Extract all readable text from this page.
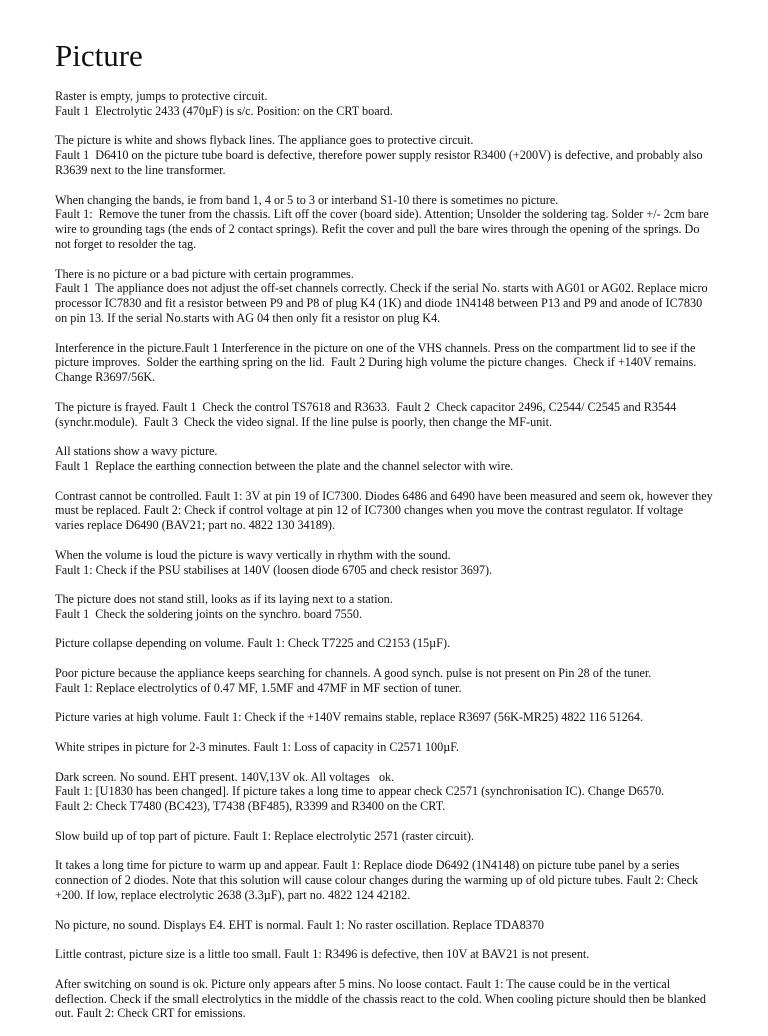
Picture
Raster is empty, jumps to protective circuit.
Fault 1  Electrolytic 2433 (470µF) is s/c. Position: on the CRT board.
The picture is white and shows flyback lines. The appliance goes to protective circuit.
Fault 1  D6410 on the picture tube board is defective, therefore power supply resistor R3400 (+200V) is defective, and probably also R3639 next to the line transformer.
When changing the bands, ie from band 1, 4 or 5 to 3 or interband S1-10 there is sometimes no picture.
Fault 1:  Remove the tuner from the chassis. Lift off the cover (board side). Attention; Unsolder the soldering tag. Solder +/- 2cm bare wire to grounding tags (the ends of 2 contact springs). Refit the cover and pull the bare wires through the opening of the springs. Do not forget to resolder the tag.
There is no picture or a bad picture with certain programmes.
Fault 1  The appliance does not adjust the off-set channels correctly. Check if the serial No. starts with AG01 or AG02. Replace micro processor IC7830 and fit a resistor between P9 and P8 of plug K4 (1K) and diode 1N4148 between P13 and P9 and anode of IC7830 on pin 13. If the serial No.starts with AG 04 then only fit a resistor on plug K4.
Interference in the picture.Fault 1 Interference in the picture on one of the VHS channels. Press on the compartment lid to see if the picture improves.  Solder the earthing spring on the lid.  Fault 2 During high volume the picture changes.  Check if +140V remains.  Change R3697/56K.
The picture is frayed. Fault 1  Check the control TS7618 and R3633.  Fault 2  Check capacitor 2496, C2544/ C2545 and R3544 (synchr.module).  Fault 3  Check the video signal. If the line pulse is poorly, then change the MF-unit.
All stations show a wavy picture.
Fault 1  Replace the earthing connection between the plate and the channel selector with wire.
Contrast cannot be controlled. Fault 1: 3V at pin 19 of IC7300. Diodes 6486 and 6490 have been measured and seem ok, however they must be replaced. Fault 2: Check if control voltage at pin 12 of IC7300 changes when you move the contrast regulator. If voltage varies replace D6490 (BAV21; part no. 4822 130 34189).
When the volume is loud the picture is wavy vertically in rhythm with the sound.
Fault 1: Check if the PSU stabilises at 140V (loosen diode 6705 and check resistor 3697).
The picture does not stand still, looks as if its laying next to a station.
Fault 1  Check the soldering joints on the synchro. board 7550.
Picture collapse depending on volume. Fault 1: Check T7225 and C2153 (15µF).
Poor picture because the appliance keeps searching for channels. A good synch. pulse is not present on Pin 28 of the tuner.
Fault 1: Replace electrolytics of 0.47 MF, 1.5MF and 47MF in MF section of tuner.
Picture varies at high volume. Fault 1: Check if the +140V remains stable, replace R3697 (56K-MR25) 4822 116 51264.
White stripes in picture for 2-3 minutes. Fault 1: Loss of capacity in C2571 100µF.
Dark screen. No sound. EHT present. 140V,13V ok. All voltages   ok.
Fault 1: [U1830 has been changed]. If picture takes a long time to appear check C2571 (synchronisation IC). Change D6570.
Fault 2: Check T7480 (BC423), T7438 (BF485), R3399 and R3400 on the CRT.
Slow build up of top part of picture. Fault 1: Replace electrolytic 2571 (raster circuit).
It takes a long time for picture to warm up and appear. Fault 1: Replace diode D6492 (1N4148) on picture tube panel by a series connection of 2 diodes. Note that this solution will cause colour changes during the warming up of old picture tubes. Fault 2: Check +200. If low, replace electrolytic 2638 (3.3µF), part no. 4822 124 42182.
No picture, no sound. Displays E4. EHT is normal. Fault 1: No raster oscillation. Replace TDA8370
Little contrast, picture size is a little too small. Fault 1: R3496 is defective, then 10V at BAV21 is not present.
After switching on sound is ok. Picture only appears after 5 mins. No loose contact. Fault 1: The cause could be in the vertical deflection. Check if the small electrolytics in the middle of the chassis react to the cold. When cooling picture should then be blanked out. Fault 2: Check CRT for emissions.
